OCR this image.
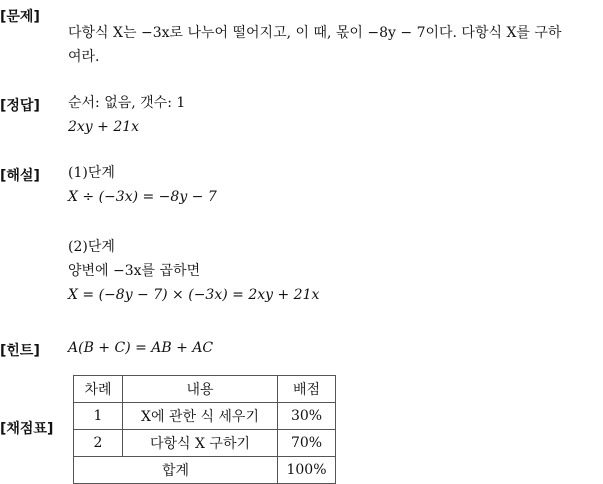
[문제]
다항식 X는 −3x로 나누어 떨어지고, 이 때, 몫이 −8y − 7이다. 다항식 X를 구하
여라.
[정답] 순서: 없음, 갯수: 1
2xy + 21x
[해설] (1)단계
X ÷ (−3x) = −8y − 7
(2)단계
양변에 −3x를 곱하면
X = (−8y − 7) × (−3x) = 2xy + 21x
[힌트] A(B + C) = AB + AC
[채점표]
차례	내용	배점
1	X에 관한 식 세우기	30%
2	다항식 X 구하기	70%
합계		100%
